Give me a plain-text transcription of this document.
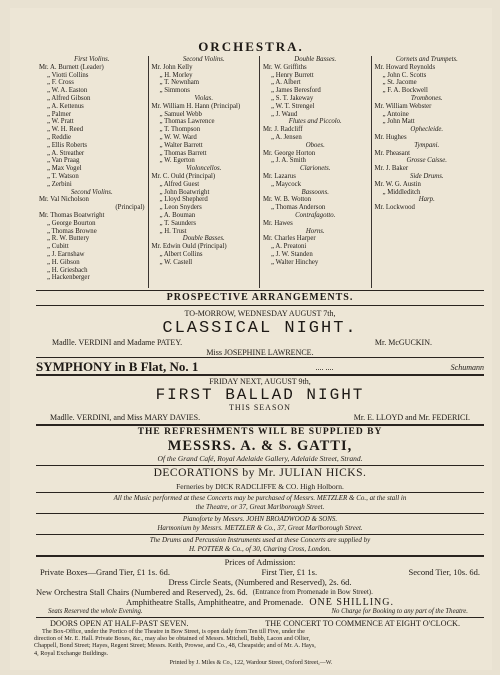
ORCHESTRA.
First Violins.
Mr. A. Burnett (Leader)
„ Viotti Collins
„ F. Cross
„ W. A. Easton
„ Alfred Gibson
„ A. Kettenus
„ Palmer
„ W. Pratt
„ W. H. Reed
„ Reddie
„ Ellis Roberts
„ A. Streather
„ Van Praag
„ Max Vogel
„ T. Watson
„ Zerbini
Second Violins.
Mr. Val Nicholson
(Principal)
Mr. Thomas Boatwright
„ George Bourton
„ Thomas Browne
„ R. W. Buttery
„ Cubitt
„ J. Earnshaw
„ H. Gibson
„ H. Griesbach
„ Hackenberger
Second Violins.
Mr. John Kelly
„ H. Morley
„ T. Newnham
„ Simmons
Violas.
Mr. William H. Hann (Principal)
„ Samuel Webb
„ Thomas Lawrence
„ T. Thompson
„ W. W. Ward
„ Walter Barrett
„ Thomas Barrett
„ W. Egerton
Violoncellos.
Mr. C. Ould (Principal)
„ Alfred Guest
„ John Boatwright
„ Lloyd Shepherd
„ Leon Snyders
„ A. Bouman
„ T. Saunders
„ H. Trust
Double Basses.
Mr. Edwin Ould (Principal)
„ Albert Collins
„ W. Castell
Double Basses.
Mr. W. Griffiths
„ Henry Burrett
„ A. Albert
„ James Beresford
„ S. T. Jakeway
„ W. T. Strengel
„ J. Waud
Flutes and Piccolo.
Mr. J. Radcliff
„ A. Jensen
Oboes.
Mr. George Horton
„ J. A. Smith
Clarionets.
Mr. Lazarus
„ Maycock
Bassoons.
Mr. W. B. Wotton
„ Thomas Anderson
Contrafagotto.
Mr. Hawes
Horns.
Mr. Charles Harper
„ A. Preatoni
„ J. W. Standen
„ Walter Hinchey
Cornets and Trumpets.
Mr. Howard Reynolds
„ John C. Scotts
„ St. Jacome
„ F. A. Bockwell
Trombones.
Mr. William Webster
„ Antoine
„ John Matt
Ophecleide.
Mr. Hughes
Tympani.
Mr. Pheasant
Grosse Caisse.
Mr. J. Baker
Side Drums.
Mr. W. G. Austin
„ Middleditch
Harp.
Mr. Lockwood
PROSPECTIVE ARRANGEMENTS.
TO-MORROW, WEDNESDAY AUGUST 7th,
CLASSICAL NIGHT.
Madlle. VERDINI and Madame PATEY.	Mr. McGUCKIN.
Miss JOSEPHINE LAWRENCE.
SYMPHONY in B Flat, No. 1	.... ....	Schumann
FRIDAY NEXT, AUGUST 9th,
FIRST BALLAD NIGHT
THIS SEASON
Madlle. VERDINI, and Miss MARY DAVIES.	Mr. E. LLOYD and Mr. FEDERICI.
THE REFRESHMENTS WILL BE SUPPLIED BY
MESSRS. A. & S. GATTI,
Of the Grand Café, Royal Adelaide Gallery, Adelaide Street, Strand.
DECORATIONS by Mr. JULIAN HICKS.
Ferneries by DICK RADCLIFFE & CO. High Holborn.
All the Music performed at these Concerts may be purchased of Messrs. METZLER & Co., at the stall in
the Theatre, or 37, Great Marlborough Street.
Pianoforte by Messrs. JOHN BROADWOOD & SONS.
Harmonium by Messrs. METZLER & Co., 37, Great Marlborough Street.
The Drums and Percussion Instruments used at these Concerts are supplied by
H. POTTER & Co., of 30, Charing Cross, London.
Prices of Admission:
Private Boxes—Grand Tier, £1 1s. 6d.	First Tier, £1 1s.	Second Tier, 10s. 6d.
Dress Circle Seats, (Numbered and Reserved), 2s. 6d.
New Orchestra Stall Chairs (Numbered and Reserved), 2s. 6d. (Entrance from Promenade in Bow Street).
Amphitheatre Stalls, Amphitheatre, and Promenade. ONE SHILLING.
Seats Reserved the whole Evening.	No Charge for Booking to any part of the Theatre.
DOORS OPEN AT HALF-PAST SEVEN.	THE CONCERT TO COMMENCE AT EIGHT O'CLOCK.
The Box-Office, under the Portico of the Theatre in Bow Street, is open daily from Ten till Five, under the
direction of Mr. E. Hall. Private Boxes, &c., may also be obtained of Messrs. Mitchell, Bubb, Lacon and Ollier,
Chappell, Bond Street; Hayes, Regent Street; Messrs. Keith, Prowse, and Co., 48, Cheapside; and of Mr. A. Hays,
4, Royal Exchange Buildings.
Printed by J. Miles & Co., 122, Wardour Street, Oxford Street,—W.
